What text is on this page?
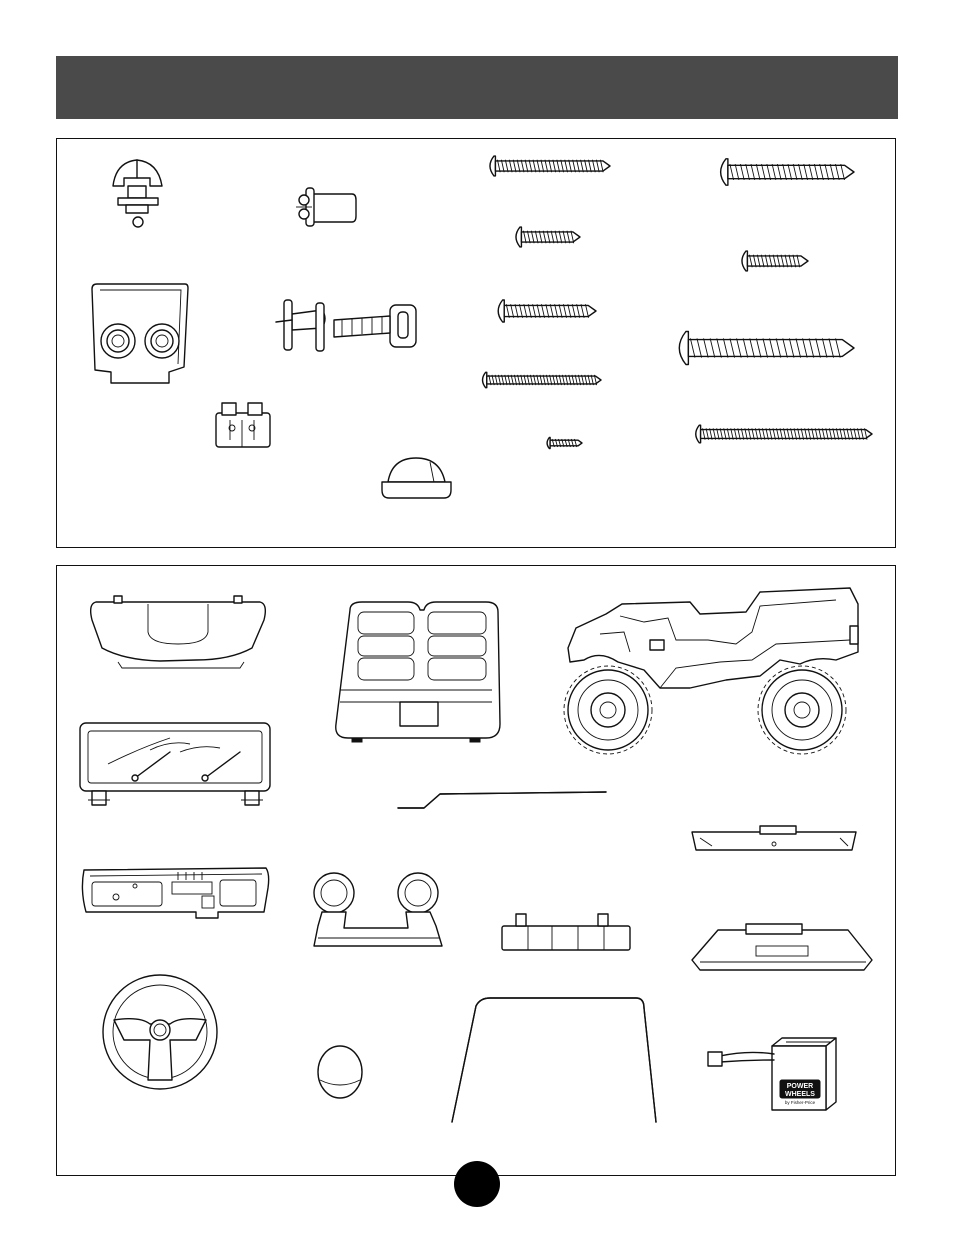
POWER
WHEELS
by Fisher-Price
